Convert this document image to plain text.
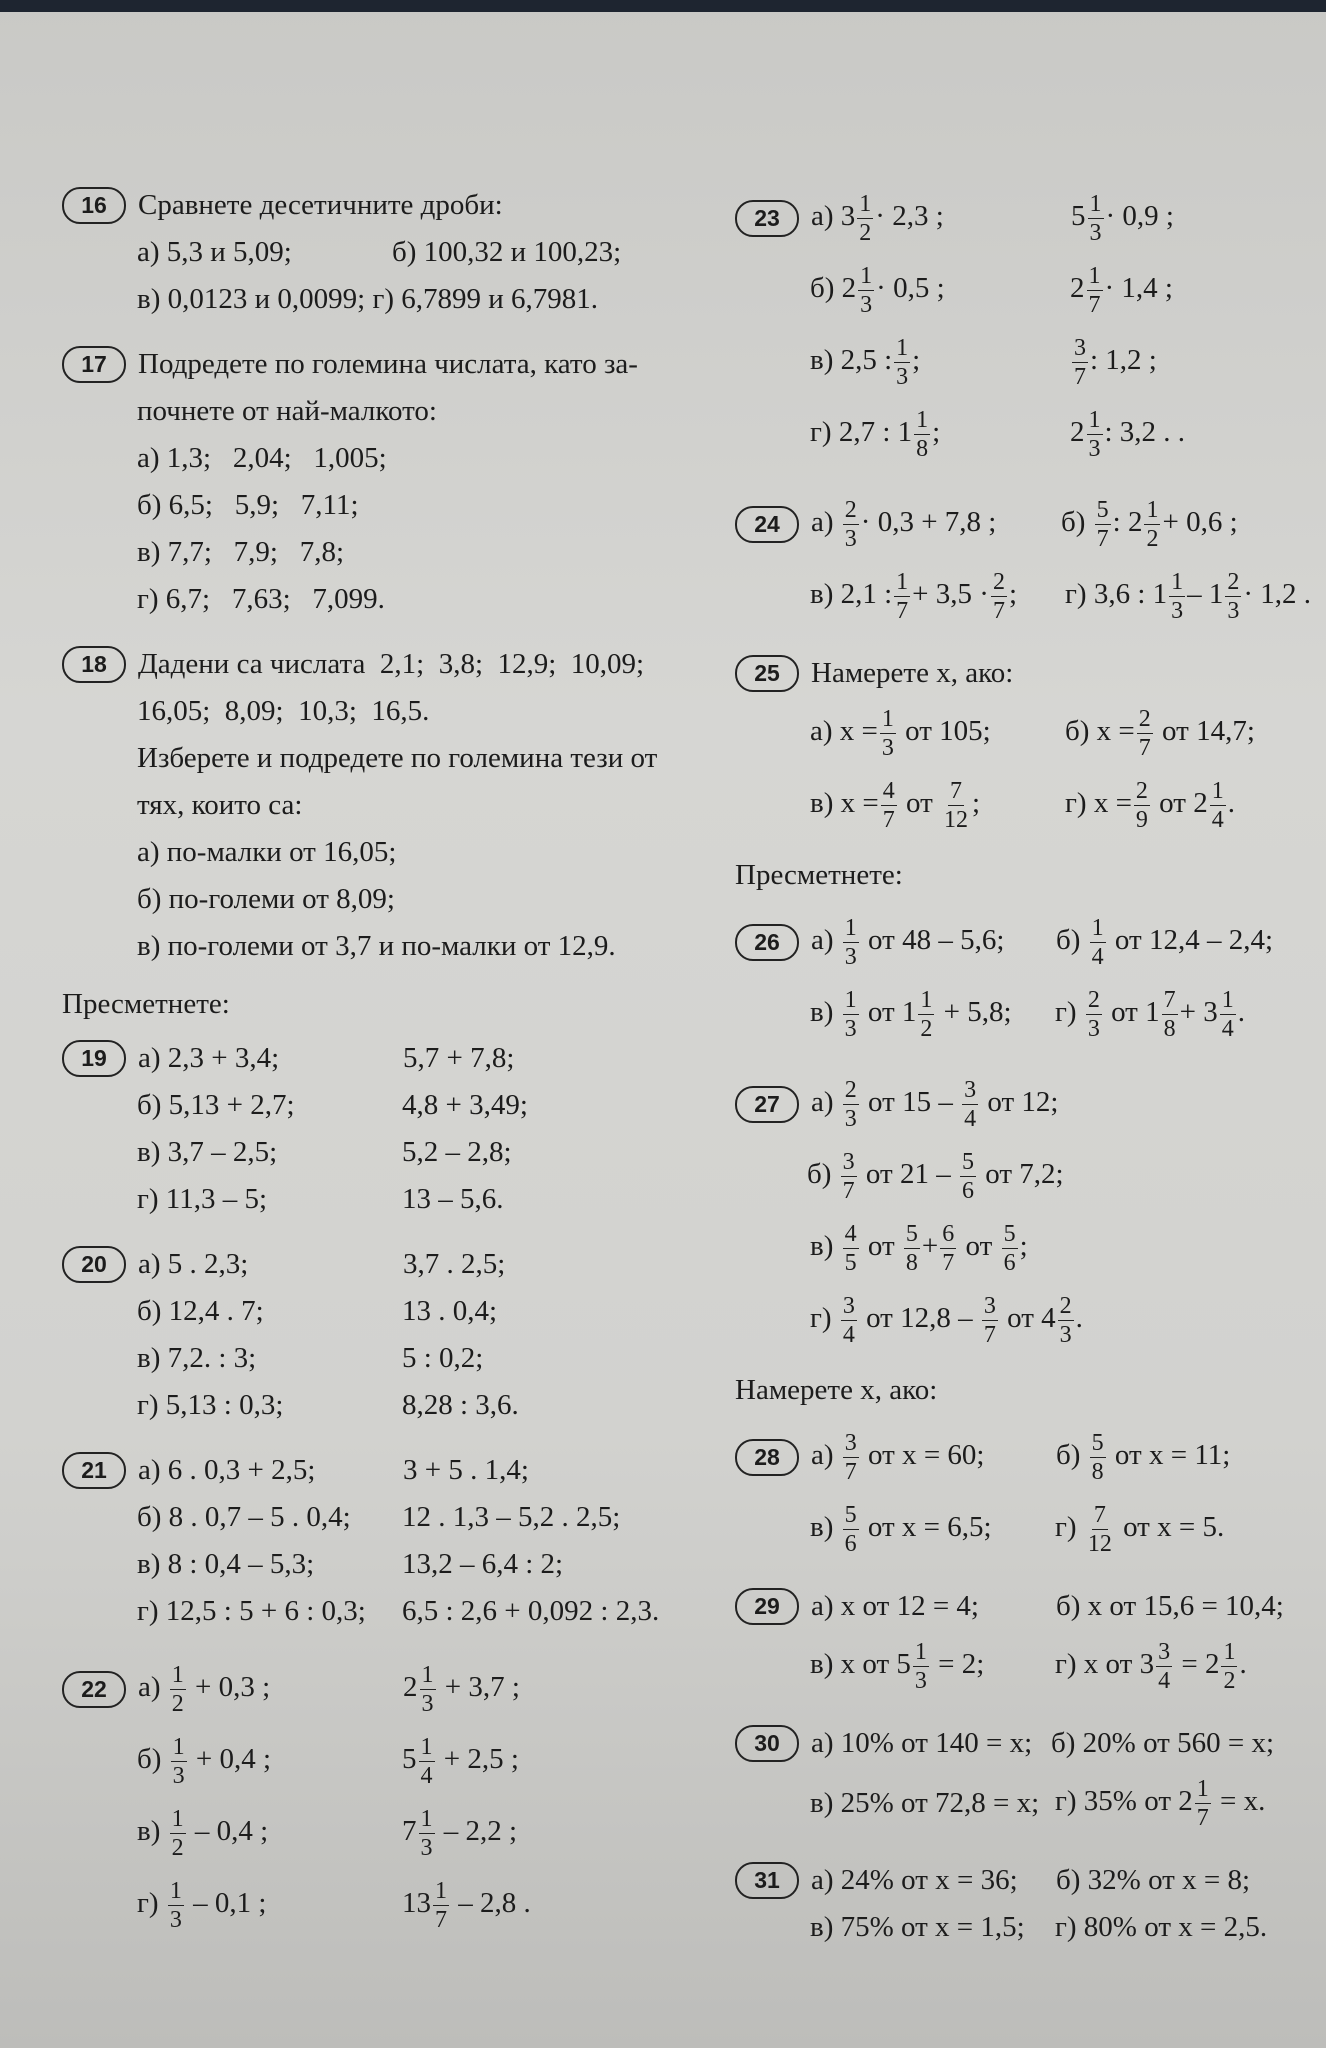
16	Сравнете десетичните дроби:
а) 5,3 и 5,09;	б) 100,32 и 100,23;
в) 0,0123 и 0,0099;
г) 6,7899 и 6,7981.
17	Подредете по големина числата, като за-
почнете от най-малкото:
а) 1,3;   2,04;   1,005;
б) 6,5;   5,9;   7,11;
в) 7,7;   7,9;   7,8;
г) 6,7;   7,63;   7,099.
18	Дадени са числата  2,1;  3,8;  12,9;  10,09;
16,05;  8,09;  10,3;  16,5.
Изберете и подредете по големина тези от
тях, които са:
а) по-малки от 16,05;
б) по-големи от 8,09;
в) по-големи от 3,7 и по-малки от 12,9.
Пресметнете:
19	а) 2,3 + 3,4;	5,7 + 7,8;
б) 5,13 + 2,7;	4,8 + 3,49;
в) 3,7 – 2,5;	5,2 – 2,8;
г) 11,3 – 5;	13 – 5,6.
20	а) 5 . 2,3;	3,7 . 2,5;
б) 12,4 . 7;	13 . 0,4;
в) 7,2. : 3;	5 : 0,2;
г) 5,13 : 0,3;	8,28 : 3,6.
21	а) 6 . 0,3 + 2,5;	3 + 5 . 1,4;
б) 8 . 0,7 – 5 . 0,4;	12 . 1,3 – 5,2 . 2,5;
в) 8 : 0,4 – 5,3;	13,2 – 6,4 : 2;
г) 12,5 : 5 + 6 : 0,3;	6,5 : 2,6 + 0,092 : 2,3.
22	$а) \frac{1}{2} + 0,3$ ;	$2 \frac{1}{3} + 3,7$ ;
$б) \frac{1}{3} + 0,4$ ;	$5 \frac{1}{4} + 2,5$ ;
$в) \frac{1}{2} - 0,4$ ;	$7 \frac{1}{3} - 2,2$ ;
$г) \frac{1}{3} - 0,1$ ;	$13 \frac{1}{7} - 2,8$ .
23	а) $3 \frac{1}{2} \cdot 2,3$ ;	$5 \frac{1}{3} \cdot 0,9$ ;
б) $2 \frac{1}{3} \cdot 0,5$ ;	$2 \frac{1}{7} \cdot 1,4$ ;
в) 2,5 : $\frac{1}{3}$ ;	$\frac{3}{7}$ : 1,2 ;
г) 2,7 : $1 \frac{1}{8}$ ;	$2 \frac{1}{3}$ : 3,2 . .
24	$а) \frac{2}{3} \cdot 0,3 + 7,8$ ;	$б) \frac{5}{7}$ : $2 \frac{1}{2} + 0,6$ ;
в) 2,1 : $\frac{1}{7} + 3,5 \cdot \frac{2}{7}$ ;	г) 3,6 : $1 \frac{1}{3} - 1 \frac{2}{3} \cdot 1,2$ .
25	Намерете x, ако:
а) $x = \frac{1}{3}$ от 105;	б) $x = \frac{2}{7}$ от 14,7;
в) $x = \frac{4}{7}$ от $\frac{7}{12}$ ;	г) $x = \frac{2}{9}$ от $2 \frac{1}{4}$ .
Пресметнете:
26	$а) \frac{1}{3}$ от 48 – 5,6;	$б) \frac{1}{4}$ от 12,4 – 2,4;
$в) \frac{1}{3}$ от $1 \frac{1}{2} + 5,8$;	$г) \frac{2}{3}$ от $1 \frac{7}{8} + 3 \frac{1}{4}$ .
27	$а) \frac{2}{3}$ от $15 - \frac{3}{4}$ от 12;
$б) \frac{3}{7}$ от $21 - \frac{5}{6}$ от 7,2;
$в) \frac{4}{5}$ от $\frac{5}{8} + \frac{6}{7}$ от $\frac{5}{6}$ ;
$г) \frac{3}{4}$ от $12,8 - \frac{3}{7}$ от $4 \frac{2}{3}$ .
Намерете x, ако:
28	$а) \frac{3}{7}$ от x = 60;	$б) \frac{5}{8}$ от x = 11;
$в) \frac{5}{6}$ от x = 6,5;	$г) \frac{7}{12}$ от x = 5.
29	а) x от 12 = 4;	б) x от 15,6 = 10,4;
в) x от $5 \frac{1}{3} = 2$;	г) x от $3 \frac{3}{4} = 2 \frac{1}{2}$ .
30	а) 10% от 140 = x; б) 20% от 560 = x;
в) 25% от 72,8 = x; г) 35% от $2 \frac{1}{7} = x$.
31	а) 24% от x = 36;	б) 32% от x = 8;
в) 75% от x = 1,5;	г) 80% от x = 2,5.
